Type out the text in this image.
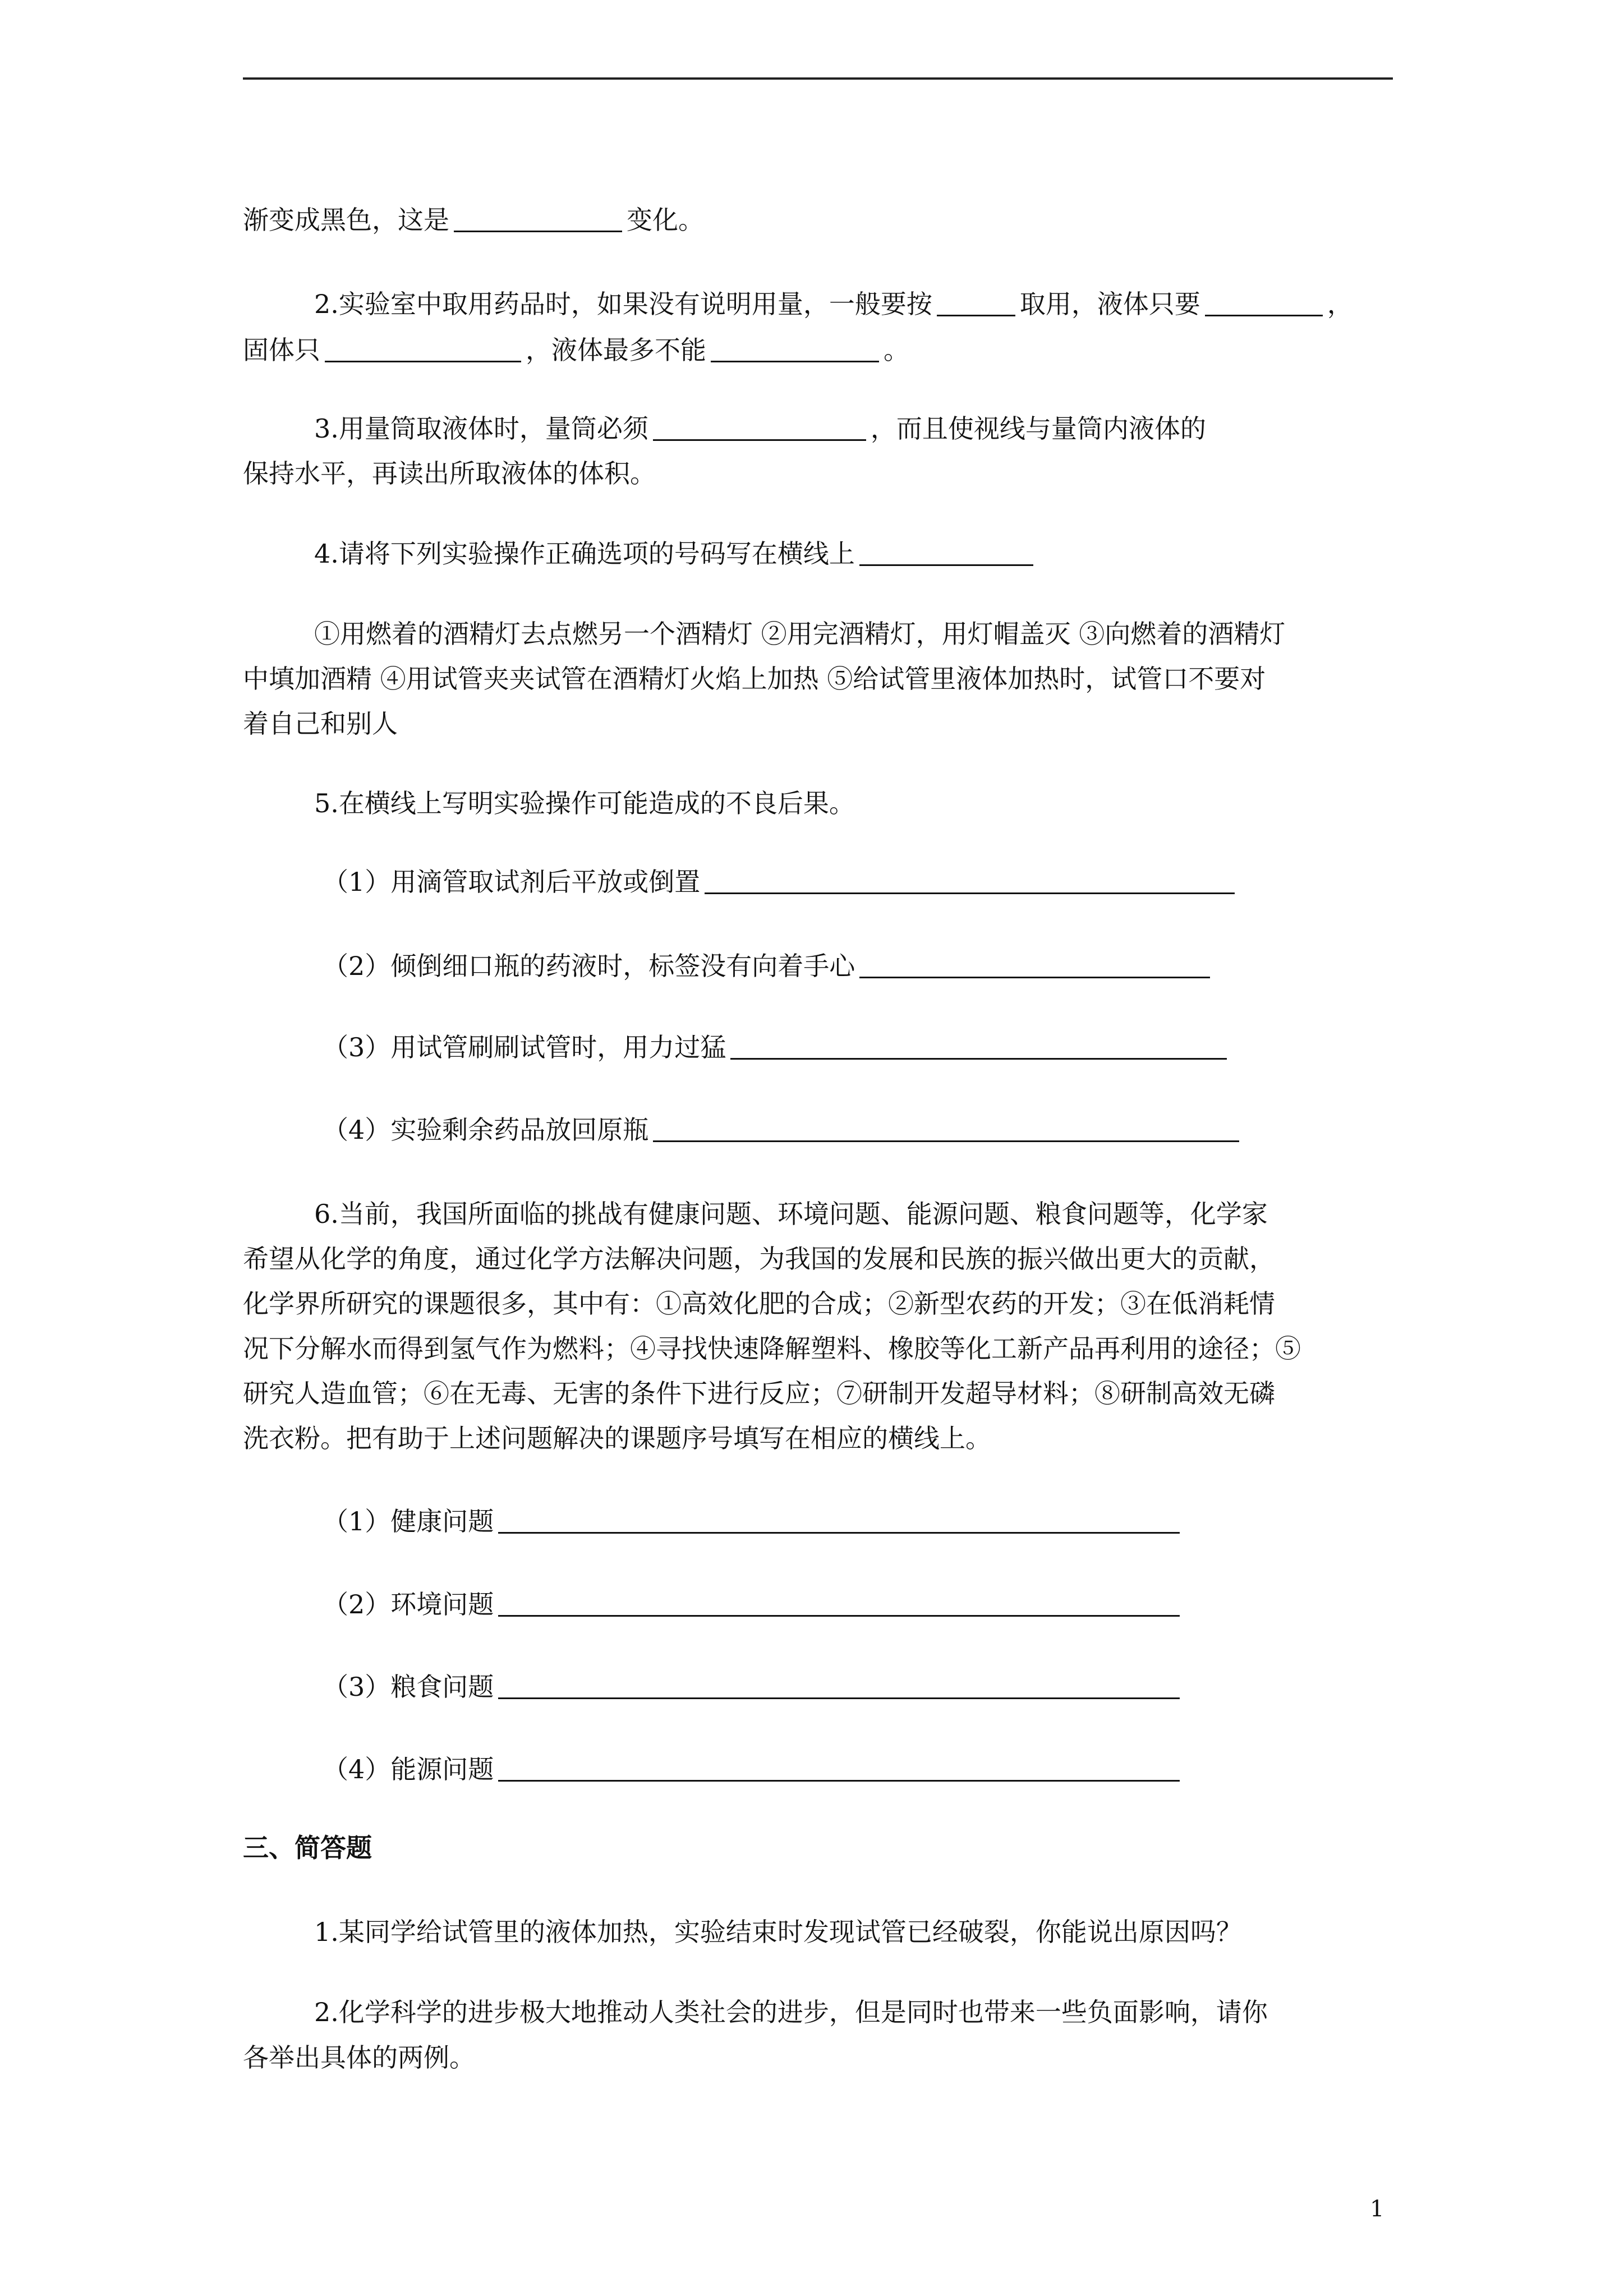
渐变成黑色，这是	变化。
2.实验室中取用药品时，如果没有说明用量，一般要按	取用，液体只要	，
固体只	，液体最多不能	。
3.用量筒取液体时，量筒必须	，而且使视线与量筒内液体的
保持水平，再读出所取液体的体积。
4.请将下列实验操作正确选项的号码写在横线上
①用燃着的酒精灯去点燃另一个酒精灯 ②用完酒精灯，用灯帽盖灭 ③向燃着的酒精灯
中填加酒精 ④用试管夹夹试管在酒精灯火焰上加热 ⑤给试管里液体加热时，试管口不要对
着自己和别人
5.在横线上写明实验操作可能造成的不良后果。
（1）用滴管取试剂后平放或倒置
（2）倾倒细口瓶的药液时，标签没有向着手心
（3）用试管刷刷试管时，用力过猛
（4）实验剩余药品放回原瓶
6.当前，我国所面临的挑战有健康问题、环境问题、能源问题、粮食问题等，化学家
希望从化学的角度，通过化学方法解决问题，为我国的发展和民族的振兴做出更大的贡献，
化学界所研究的课题很多，其中有：①高效化肥的合成；②新型农药的开发；③在低消耗情
况下分解水而得到氢气作为燃料；④寻找快速降解塑料、橡胶等化工新产品再利用的途径；⑤
研究人造血管；⑥在无毒、无害的条件下进行反应；⑦研制开发超导材料；⑧研制高效无磷
洗衣粉。把有助于上述问题解决的课题序号填写在相应的横线上。
（1）健康问题
（2）环境问题
（3）粮食问题
（4）能源问题
三、简答题
1.某同学给试管里的液体加热，实验结束时发现试管已经破裂，你能说出原因吗？
2.化学科学的进步极大地推动人类社会的进步，但是同时也带来一些负面影响，请你
各举出具体的两例。
1
